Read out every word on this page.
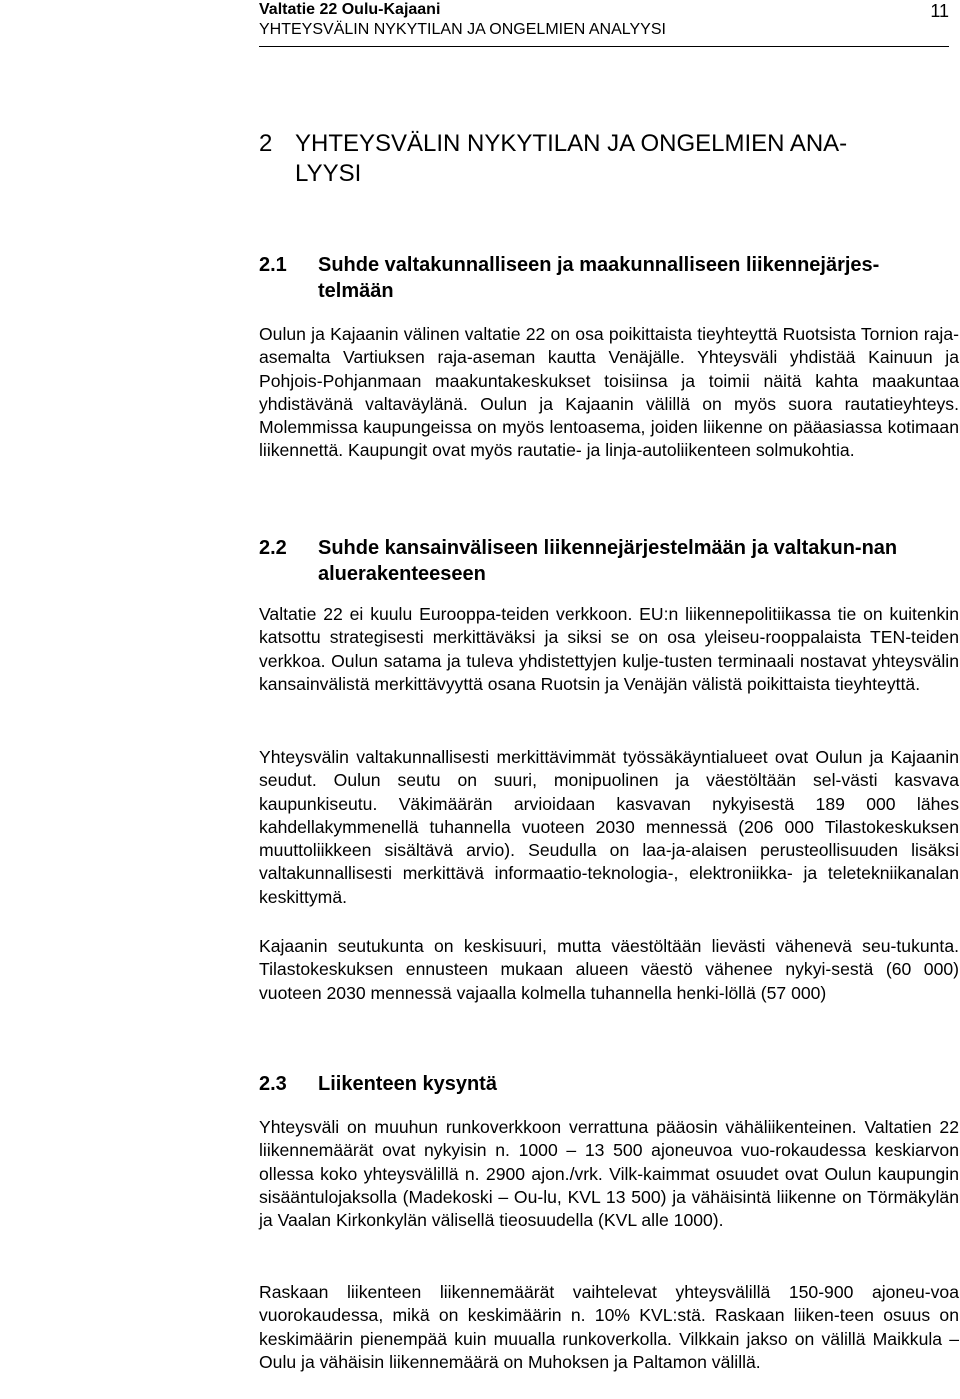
Valtatie 22 Oulu-Kajaani
YHTEYSVÄLIN NYKYTILAN JA ONGELMIEN ANALYYSI
11
2 YHTEYSVÄLIN NYKYTILAN JA ONGELMIEN ANA-LYYSI
2.1 Suhde valtakunnalliseen ja maakunnalliseen liikennejärjes-telmään
Oulun ja Kajaanin välinen valtatie 22 on osa poikittaista tieyhteyttä Ruotsista Tornion raja-asemalta Vartiuksen raja-aseman kautta Venäjälle. Yhteysväli yhdistää Kainuun ja Pohjois-Pohjanmaan maakuntakeskukset toisiinsa ja toimii näitä kahta maakuntaa yhdistävänä valtaväylänä. Oulun ja Kajaanin välillä on myös suora rautatieyhteys. Molemmissa kaupungeissa on myös lentoasema, joiden liikenne on pääasiassa kotimaan liikennettä. Kaupungit ovat myös rautatie- ja linja-autoliikenteen solmukohtia.
2.2 Suhde kansainväliseen liikennejärjestelmään ja valtakun-nan aluerakenteeseen
Valtatie 22 ei kuulu Eurooppa-teiden verkkoon. EU:n liikennepolitiikassa tie on kuitenkin katsottu strategisesti merkittäväksi ja siksi se on osa yleiseu-rooppalaista TEN-teiden verkkoa. Oulun satama ja tuleva yhdistettyjen kulje-tusten terminaali nostavat yhteysvälin kansainvälistä merkittävyyttä osana Ruotsin ja Venäjän välistä poikittaista tieyhteyttä.
Yhteysvälin valtakunnallisesti merkittävimmät työssäkäyntialueet ovat Oulun ja Kajaanin seudut. Oulun seutu on suuri, monipuolinen ja väestöltään sel-västi kasvava kaupunkiseutu. Väkimäärän arvioidaan kasvavan nykyisestä 189 000 lähes kahdellakymmenellä tuhannella vuoteen 2030 mennessä (206 000 Tilastokeskuksen muuttoliikkeen sisältävä arvio). Seudulla on laa-ja-alaisen perusteollisuuden lisäksi valtakunnallisesti merkittävä informaatio-teknologia-, elektroniikka- ja teletekniikanalan keskittymä.
Kajaanin seutukunta on keskisuuri, mutta väestöltään lievästi vähenevä seu-tukunta. Tilastokeskuksen ennusteen mukaan alueen väestö vähenee nykyi-sestä (60 000) vuoteen 2030 mennessä vajaalla kolmella tuhannella henki-löllä (57 000)
2.3 Liikenteen kysyntä
Yhteysväli on muuhun runkoverkkoon verrattuna pääosin vähäliikenteinen. Valtatien 22 liikennemäärät ovat nykyisin n. 1000 – 13 500 ajoneuvoa vuo-rokaudessa keskiarvon ollessa koko yhteysvälillä n. 2900 ajon./vrk. Vilk-kaimmat osuudet ovat Oulun kaupungin sisääntulojaksolla (Madekoski – Ou-lu, KVL 13 500) ja vähäisintä liikenne on Törmäkylän ja Vaalan Kirkonkylän välisellä tieosuudella (KVL alle 1000).
Raskaan liikenteen liikennemäärät vaihtelevat yhteysvälillä 150-900 ajoneu-voa vuorokaudessa, mikä on keskimäärin n. 10% KVL:stä. Raskaan liiken-teen osuus on keskimäärin pienempää kuin muualla runkoverkolla. Vilkkain jakso on välillä Maikkula – Oulu ja vähäisin liikennemäärä on Muhoksen ja Paltamon välillä.
